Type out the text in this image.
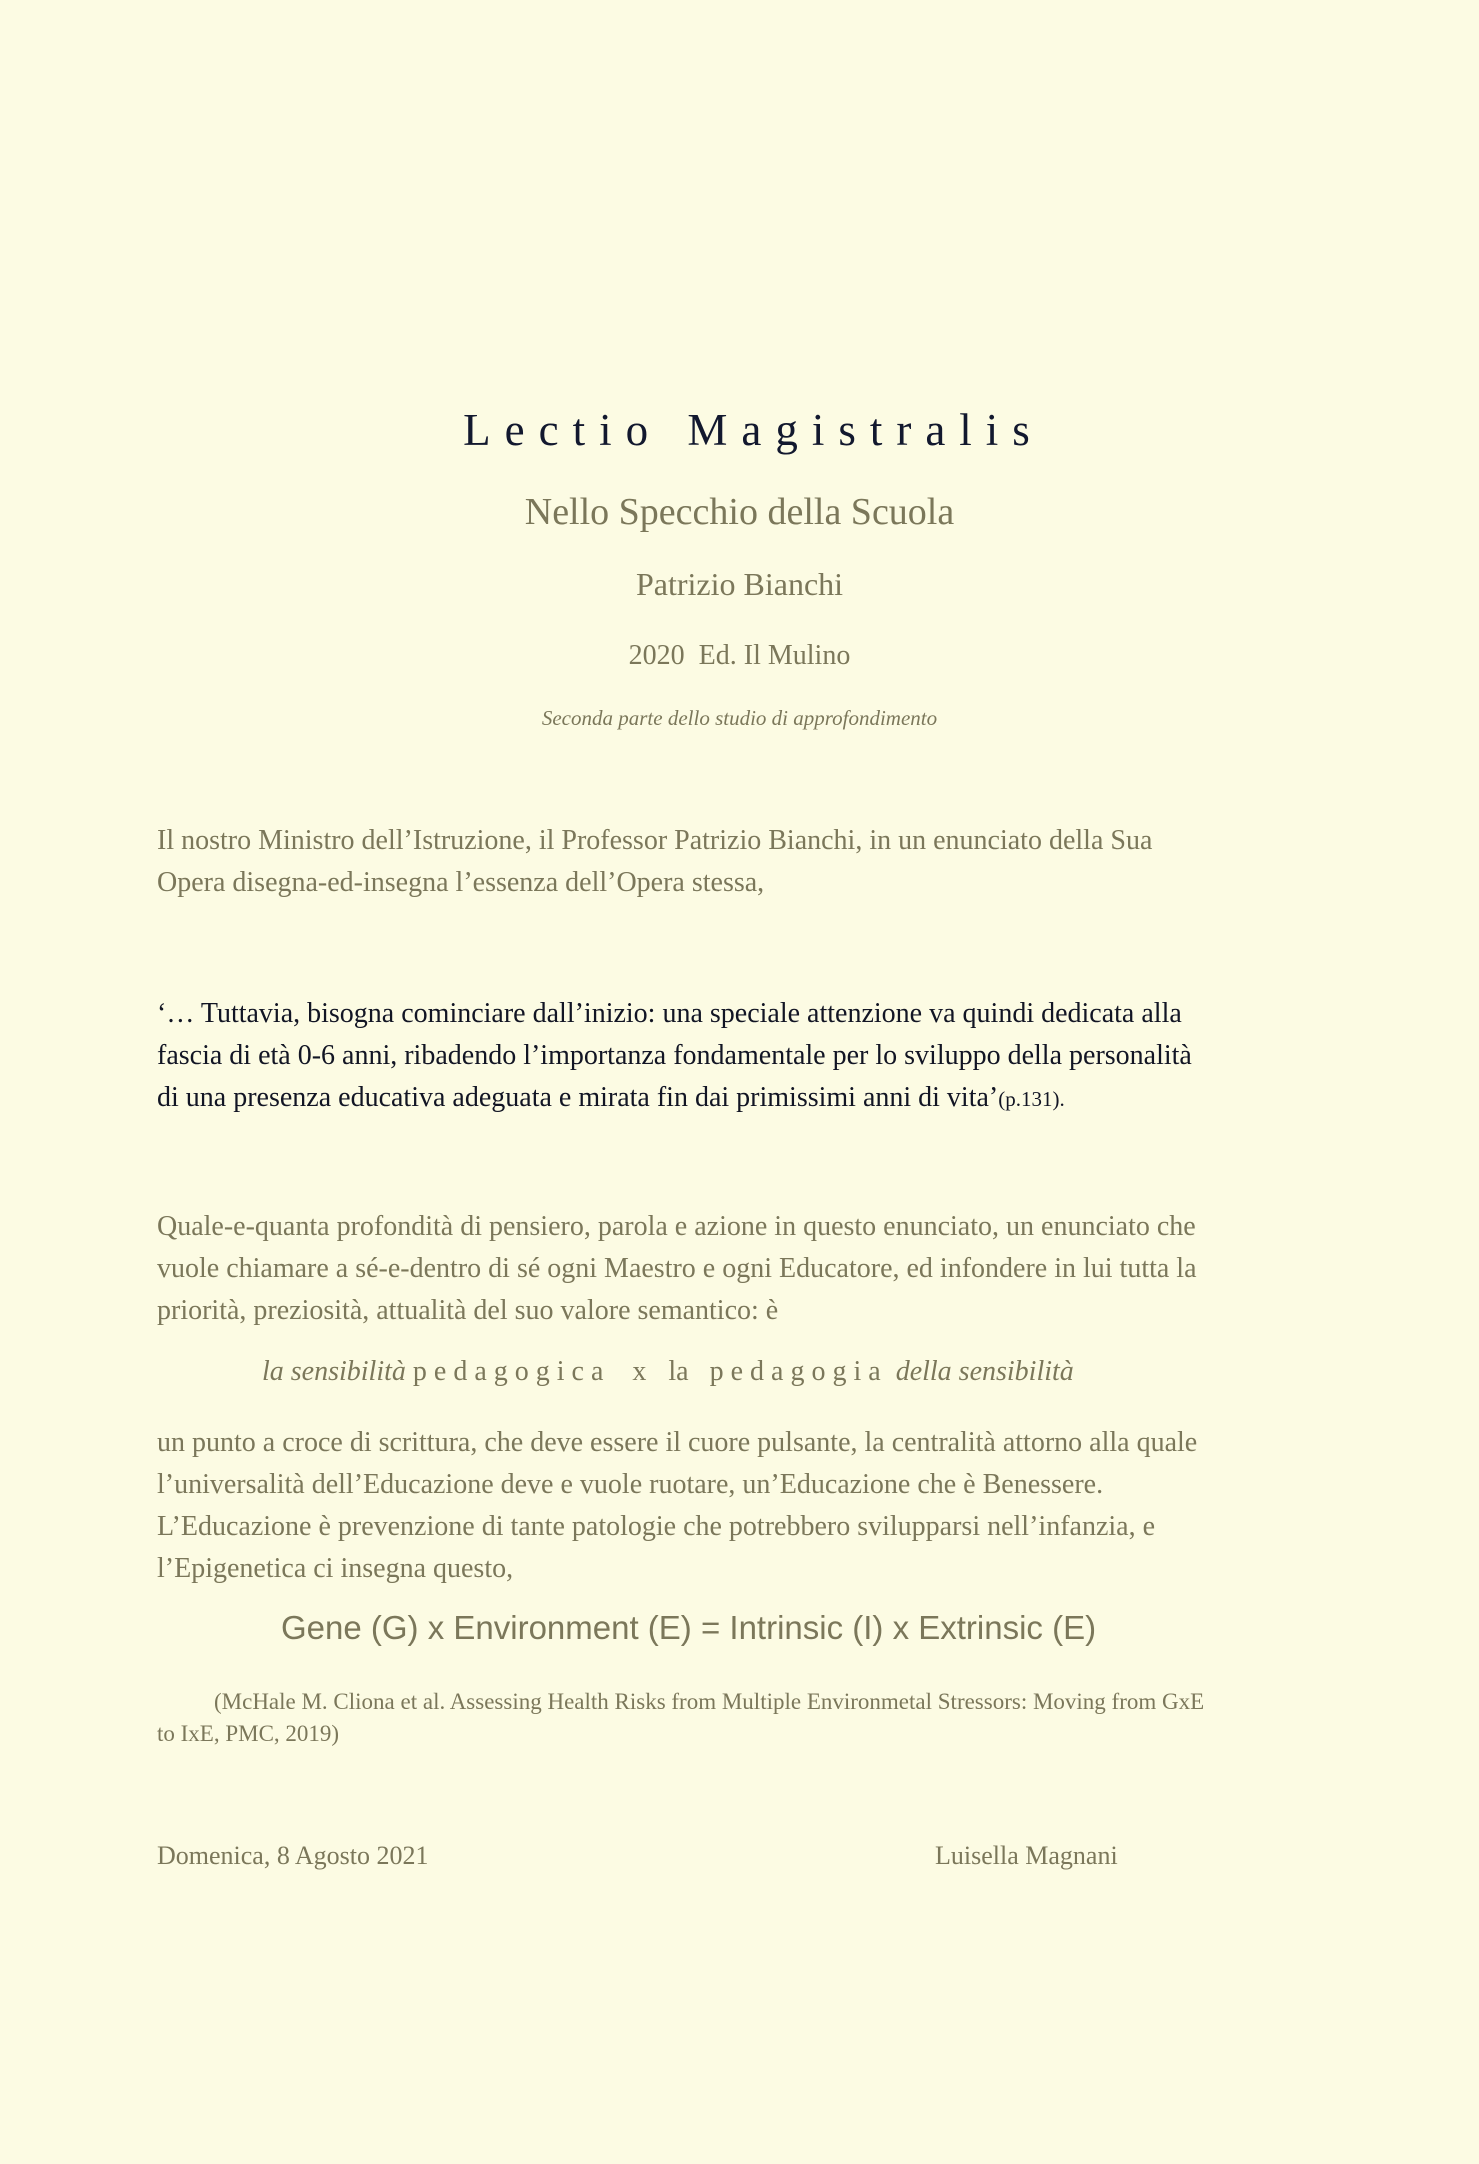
Lectio Magistralis
Nello Specchio della Scuola
Patrizio Bianchi
2020 Ed. Il Mulino
Seconda parte dello studio di approfondimento
Il nostro Ministro dell’Istruzione, il Professor Patrizio Bianchi, in un enunciato della Sua
Opera disegna-ed-insegna l’essenza dell’Opera stessa,
‘… Tuttavia, bisogna cominciare dall’inizio: una speciale attenzione va quindi dedicata alla
fascia di età 0-6 anni, ribadendo l’importanza fondamentale per lo sviluppo della personalità
di una presenza educativa adeguata e mirata fin dai primissimi anni di vita’(p.131).
Quale-e-quanta profondità di pensiero, parola e azione in questo enunciato, un enunciato che
vuole chiamare a sé-e-dentro di sé ogni Maestro e ogni Educatore, ed infondere in lui tutta la
priorità, preziosità, attualità del suo valore semantico: è
la sensibilità pedagogica x la pedagogia della sensibilità
un punto a croce di scrittura, che deve essere il cuore pulsante, la centralità attorno alla quale
l’universalità dell’Educazione deve e vuole ruotare, un’Educazione che è Benessere.
L’Educazione è prevenzione di tante patologie che potrebbero svilupparsi nell’infanzia, e
l’Epigenetica ci insegna questo,
Gene (G) x Environment (E) = Intrinsic (I) x Extrinsic (E)
(McHale M. Cliona et al. Assessing Health Risks from Multiple Environmetal Stressors: Moving from GxE
to IxE, PMC, 2019)
Domenica, 8 Agosto 2021	Luisella Magnani
